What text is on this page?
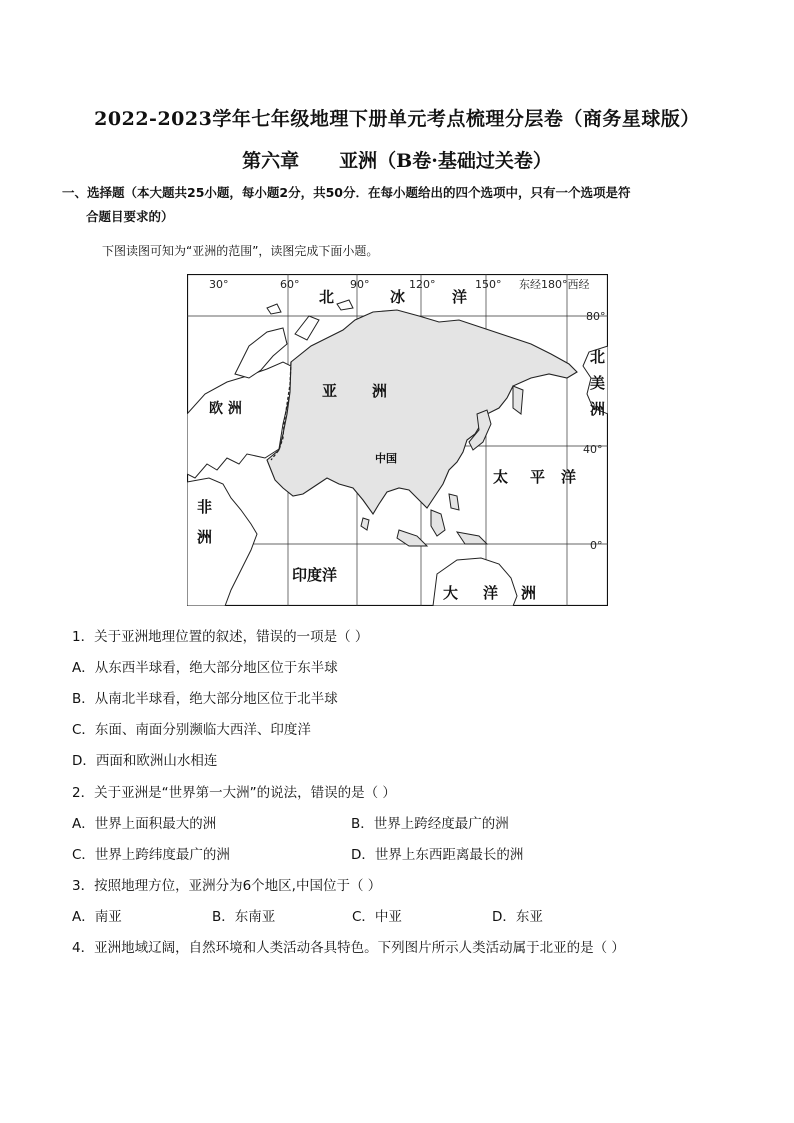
2022-2023学年七年级地理下册单元考点梳理分层卷（商务星球版）
第六章 亚洲（B卷·基础过关卷）
一、选择题（本大题共25小题，每小题2分，共50分．在每小题给出的四个选项中，只有一个选项是符
合题目要求的）
下图读图可知为“亚洲的范围”，读图完成下面小题。
30°	60°	90°	120°	150° 东经180°西经
80°
40°
0°
北	冰	洋
亚 洲
欧 洲
中国
太 平 洋
北
美
洲
非
洲
印度洋
大 洋 洲
1．关于亚洲地理位置的叙述，错误的一项是（ ）
A．从东西半球看，绝大部分地区位于东半球
B．从南北半球看，绝大部分地区位于北半球
C．东面、南面分别濒临大西洋、印度洋
D．西面和欧洲山水相连
2．关于亚洲是“世界第一大洲”的说法，错误的是（ ）
A．世界上面积最大的洲	B．世界上跨经度最广的洲
C．世界上跨纬度最广的洲	D．世界上东西距离最长的洲
3．按照地理方位，亚洲分为6个地区,中国位于（ ）
A．南亚	B．东南亚	C．中亚	D．东亚
4．亚洲地域辽阔，自然环境和人类活动各具特色。下列图片所示人类活动属于北亚的是（ ）
